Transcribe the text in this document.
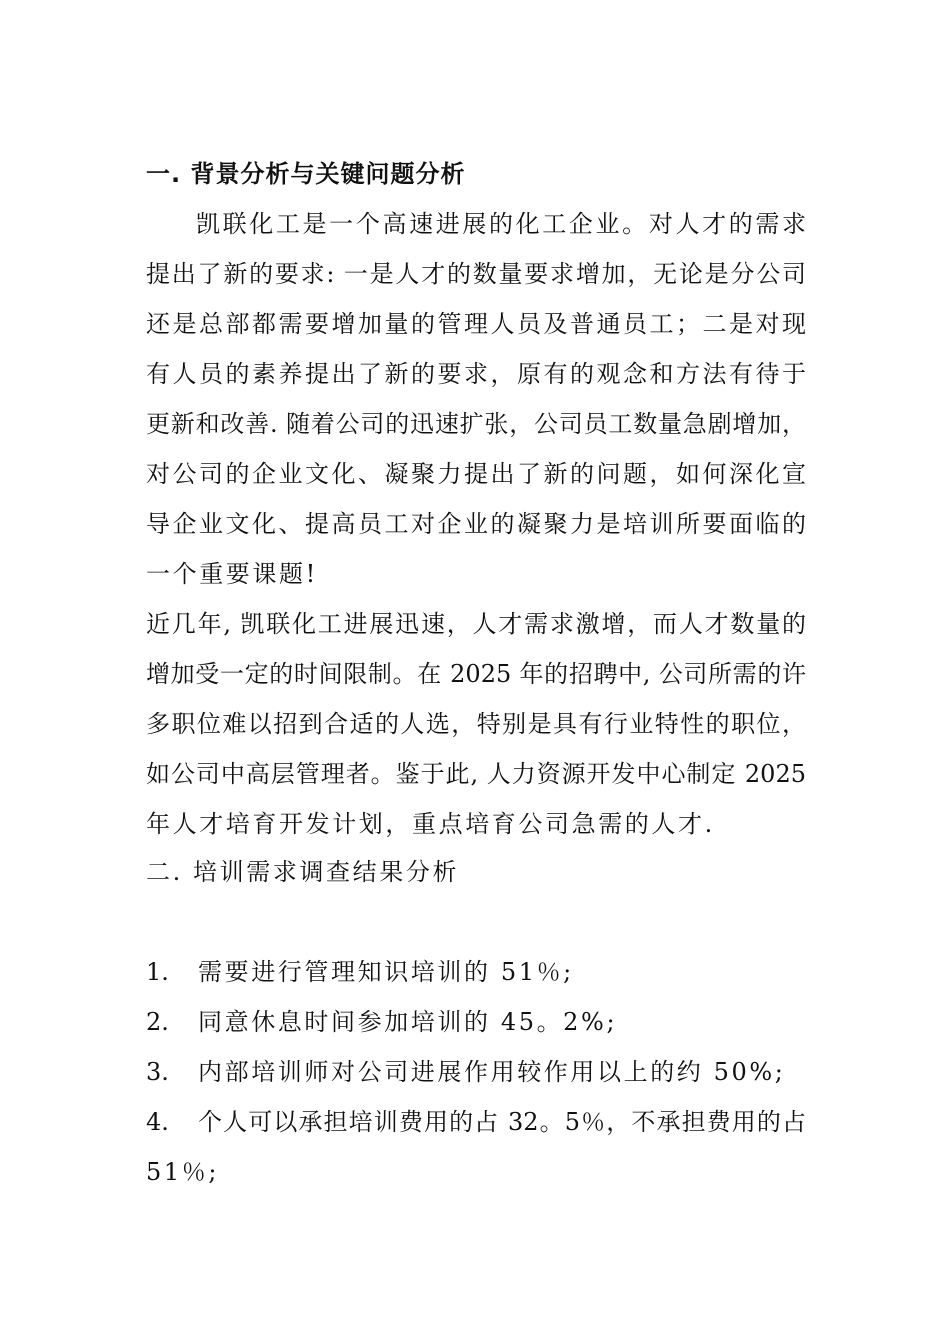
一. 背景分析与关键问题分析
凯联化工是一个高速进展的化工企业。对人才的需求
提出了新的要求: 一是人才的数量要求增加，无论是分公司
还是总部都需要增加量的管理人员及普通员工；二是对现
有人员的素养提出了新的要求，原有的观念和方法有待于
更新和改善. 随着公司的迅速扩张，公司员工数量急剧增加，
对公司的企业文化、凝聚力提出了新的问题，如何深化宣
导企业文化、提高员工对企业的凝聚力是培训所要面临的
一个重要课题!
近几年, 凯联化工进展迅速，人才需求激增，而人才数量的
增加受一定的时间限制。在 2025 年的招聘中, 公司所需的许
多职位难以招到合适的人选，特别是具有行业特性的职位，
如公司中高层管理者。鉴于此, 人力资源开发中心制定 2025
年人才培育开发计划，重点培育公司急需的人才.
二. 培训需求调查结果分析
1. 需要进行管理知识培训的 51％;
2. 同意休息时间参加培训的 45。2%;
3. 内部培训师对公司进展作用较作用以上的约 50%;
4. 个人可以承担培训费用的占 32。5％，不承担费用的占
51％;
